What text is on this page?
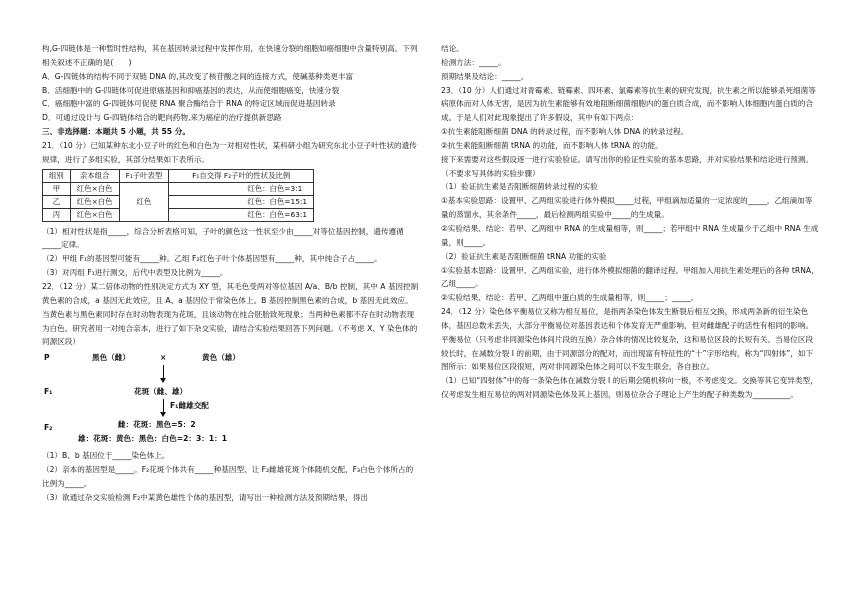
构,G-四链体是一种暂时性结构，其在基因转录过程中发挥作用，在快速分裂的细胞如癌细胞中含量特别高。下列相关叙述不正确的是(　　)

A．G-四链体的结构不同于双链 DNA 的,其改变了核苷酸之间的连接方式，使碱基种类更丰富

B．活细胞中的 G-四链体可促进原癌基因和抑癌基因的表达，从而使细胞癌变，快速分裂

C．癌细胞中富的 G-四链体可促使 RNA 聚合酶结合于 RNA 的特定区域而促进基因转录

D．可通过设计与 G-四链体结合的靶向药物,来为癌症的治疗提供新思路

三、非选择题：本题共 5 小题，共 55 分。

21．（10 分）已知某种东北小豆子叶的红色和白色为一对相对性状，某科研小组为研究东北小豆子叶性状的遗传规律，进行了多组实验，其部分结果如下表所示。

组别	亲本组合	F₁子叶表型	F₁自交得 F₂子叶的性状及比例
甲	红色×白色	红色	红色：白色=3:1
乙	红色×白色		红色：白色=15:1
丙	红色×白色		红色：白色=63:1

（1）相对性状是指_____，综合分析表格可知，子叶的颜色这一性状至少由_____对等位基因控制，遗传遵循_____定律。

（2）甲组 F₁的基因型可能有_____种。乙组 F₂红色子叶个体基因型有_____种，其中纯合子占_____。

（3）对丙组 F₁进行测交，后代中表型及比例为_____。

22．（12 分）某二倍体动物的性别决定方式为 XY 型，其毛色受两对等位基因 A/a、B/b 控制，其中 A 基因控制黄色素的合成，a 基因无此效应，且 A、a 基因位于常染色体上。B 基因控制黑色素的合成，b 基因无此效应。当黄色素与黑色素同时存在时动物表现为花斑，且该动物在纯合胚胎致死现象；当两种色素都不存在时动物表现为白色。研究者用一对纯合亲本，进行了如下杂交实验，请结合实验结果回答下列问题。（不考虑 X、Y 染色体的同源区段）

P	黑色（雌）	×	黄色（雄）
F₁	花斑（雌、雄）
F₁雌雄交配
F₂	雌：花斑：黑色=5：2
雄：花斑：黄色：黑色：白色=2：3：1：1

（1）B、b 基因位于_____染色体上。

（2）亲本的基因型是_____。F₂花斑个体共有_____种基因型、让 F₂雌雄花斑个体随机交配，F₃白色个体所占的比例为_____。

（3）欲通过杂交实验检测 F₂中某黄色雄性个体的基因型，请写出一种检测方法及预期结果，得出

结论。

检测方法：_____。

预期结果及结论：_____。

23．（10 分）人们通过对青霉素、链霉素、四环素、氯霉素等抗生素的研究发现，抗生素之所以能够杀死细菌等病原体而对人体无害，是因为抗生素能够有效地阻断细菌细胞内的蛋白质合成，而不影响人体细胞内蛋白质的合成。于是人们对此现象提出了许多假设，其中有如下两点：

①抗生素能阻断细菌 DNA 的转录过程，而不影响人体 DNA 的转录过程。

②抗生素能阻断细菌 tRNA 的功能，而不影响人体 tRNA 的功能。

接下来需要对这些假设逐一进行实验验证。请写出你的验证性实验的基本思路，并对实验结果和结论进行预测。（不要求写具体的实验步骤）

（1）验证抗生素是否阻断细菌转录过程的实验

①基本实验思路：设置甲、乙两组实验进行体外模拟_____过程，甲组滴加适量的一定浓度的_____，乙组滴加等量的蒸馏水，其余条件_____，最后检测两组实验中_____的生成量。

②实验结果、结论：若甲、乙两组中 RNA 的生成量相等，则_____；若甲组中 RNA 生成量少于乙组中 RNA 生成量，则_____。

（2）验证抗生素是否阻断细菌 tRNA 功能的实验

①实验基本思路：设置甲、乙两组实验，进行体外模拟细菌的翻译过程。甲组加入用抗生素处理后的各种 tRNA，乙组_____。

②实验结果、结论：若甲、乙两组中蛋白质的生成量相等，则_____；_____。

24．（12 分）染色体平衡易位又称为相互易位，是指两条染色体发生断裂后相互交换，形成两条新的衍生染色体，基因总数未丢失，大部分平衡易位对基因表达和个体发育无严重影响，但对雌雄配子的活性有相同的影响。平衡易位（只考虑非同源染色体间片段的互换）杂合体的情况比较复杂，这和易位区段的长短有关。当易位区段较长时，在减数分裂 I 的前期，由于同源部分的配对，而出现富有特征性的“十”字形结构，称为“四射体”，如下图所示：如果易位区段很短，两对非同源染色体之间可以不发生联会，各自独立。

（1）已知“四射体”中的每一条染色体在减数分裂 I 的后期会随机移向一极，不考虑变交。交换等其它变异类型，仅考虑发生相互易位的两对同源染色体及其上基因，则易位杂合子理论上产生的配子种类数为__________。
